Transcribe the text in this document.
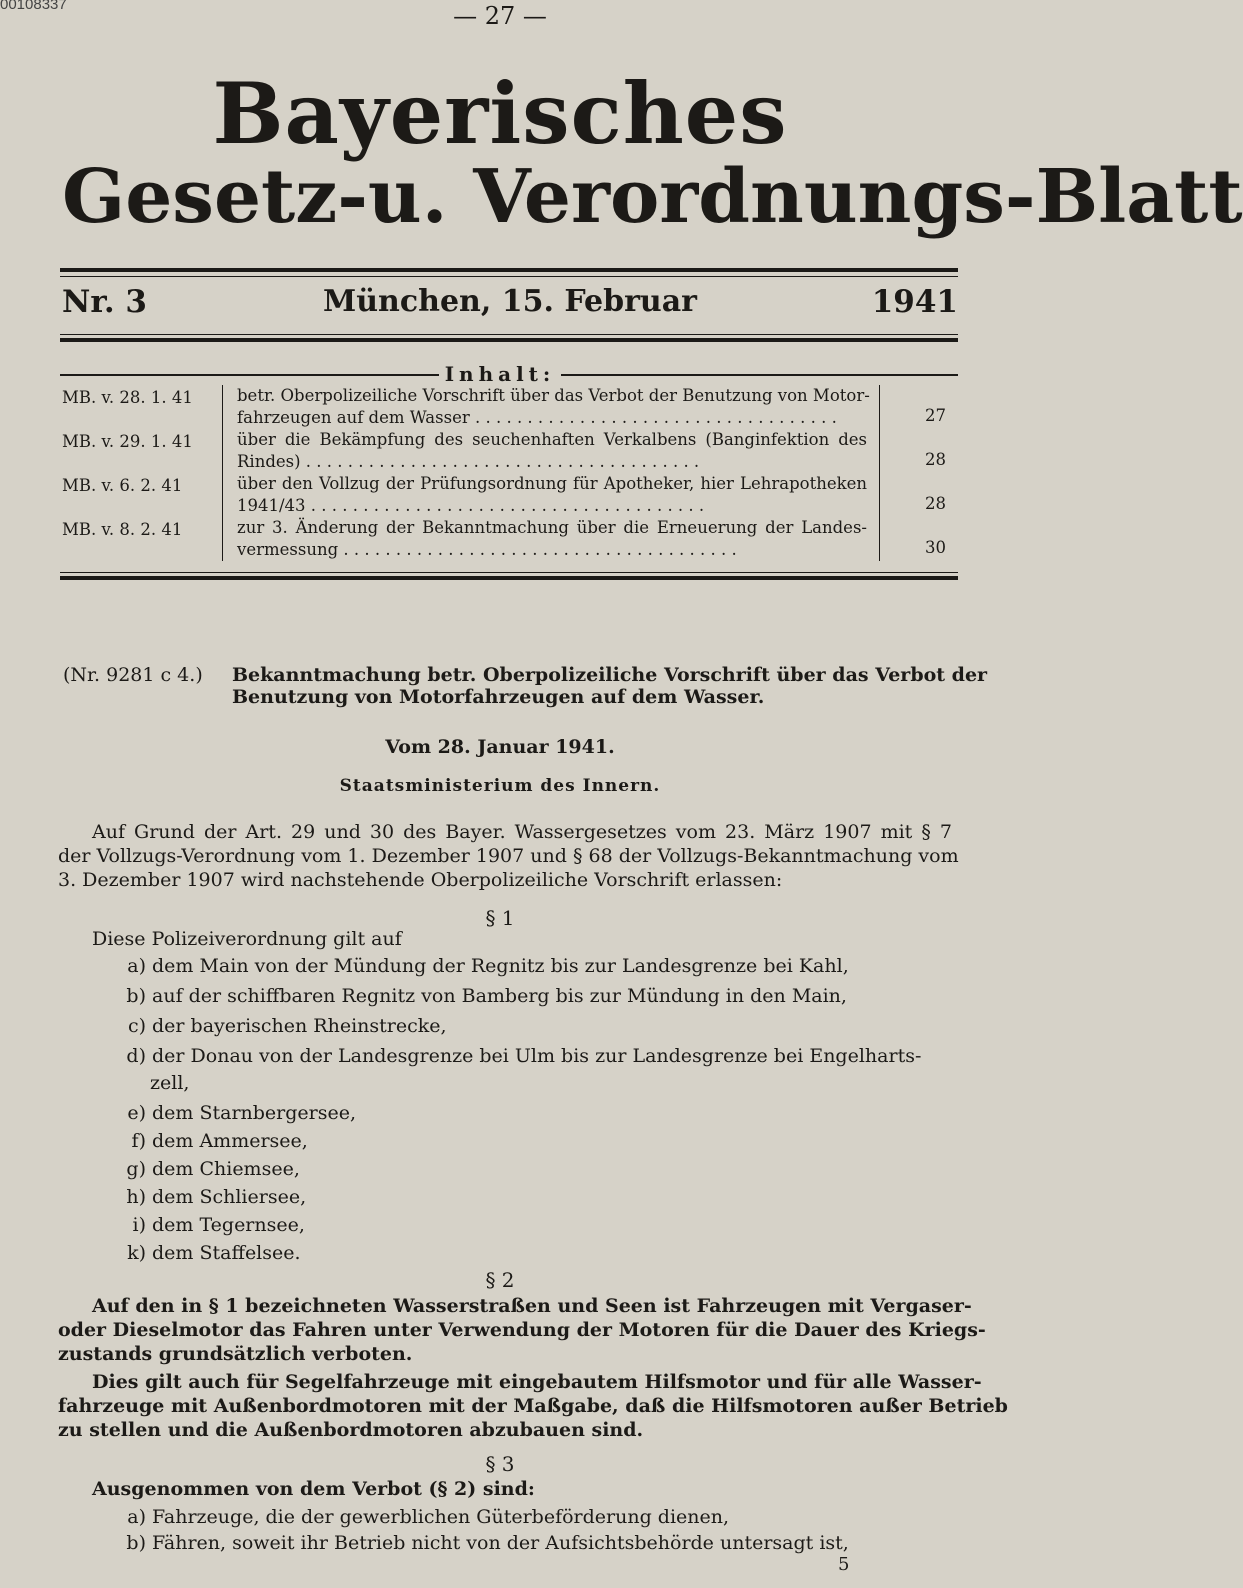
00108337	— 27 —
Bayerisches
Gesetz-u. Verordnungs-Blatt
Nr. 3	München, 15. Februar	1941
Inhalt:
MB. v. 28. 1. 41	betr. Oberpolizeiliche Vorschrift über das Verbot der Benutzung von Motor-
fahrzeugen auf dem Wasser . . . . . . . . . . . . . . . . . . . . . . . . . . . . . . . . . . .	27
MB. v. 29. 1. 41	über die Bekämpfung des seuchenhaften Verkalbens (Banginfektion des
Rindes) . . . . . . . . . . . . . . . . . . . . . . . . . . . . . . . . . . . . . .	28
MB. v. 6. 2. 41	über den Vollzug der Prüfungsordnung für Apotheker, hier Lehrapotheken
1941/43 . . . . . . . . . . . . . . . . . . . . . . . . . . . . . . . . . . . . . .	28
MB. v. 8. 2. 41	zur 3. Änderung der Bekanntmachung über die Erneuerung der Landes-
vermessung . . . . . . . . . . . . . . . . . . . . . . . . . . . . . . . . . . . . . .	30
(Nr. 9281 c 4.) Bekanntmachung betr. Oberpolizeiliche Vorschrift über das Verbot der
Benutzung von Motorfahrzeugen auf dem Wasser.
Vom 28. Januar 1941.
Staatsministerium des Innern.
Auf Grund der Art. 29 und 30 des Bayer. Wassergesetzes vom 23. März 1907 mit § 7
der Vollzugs-Verordnung vom 1. Dezember 1907 und § 68 der Vollzugs-Bekanntmachung vom
3. Dezember 1907 wird nachstehende Oberpolizeiliche Vorschrift erlassen:
§ 1
Diese Polizeiverordnung gilt auf
a) dem Main von der Mündung der Regnitz bis zur Landesgrenze bei Kahl,
b) auf der schiffbaren Regnitz von Bamberg bis zur Mündung in den Main,
c) der bayerischen Rheinstrecke,
d) der Donau von der Landesgrenze bei Ulm bis zur Landesgrenze bei Engelharts-
zell,
e) dem Starnbergersee,
f) dem Ammersee,
g) dem Chiemsee,
h) dem Schliersee,
i) dem Tegernsee,
k) dem Staffelsee.
§ 2
Auf den in § 1 bezeichneten Wasserstraßen und Seen ist Fahrzeugen mit Vergaser-
oder Dieselmotor das Fahren unter Verwendung der Motoren für die Dauer des Kriegs-
zustands grundsätzlich verboten.
Dies gilt auch für Segelfahrzeuge mit eingebautem Hilfsmotor und für alle Wasser-
fahrzeuge mit Außenbordmotoren mit der Maßgabe, daß die Hilfsmotoren außer Betrieb
zu stellen und die Außenbordmotoren abzubauen sind.
§ 3
Ausgenommen von dem Verbot (§ 2) sind:
a) Fahrzeuge, die der gewerblichen Güterbeförderung dienen,
b) Fähren, soweit ihr Betrieb nicht von der Aufsichtsbehörde untersagt ist,
5
